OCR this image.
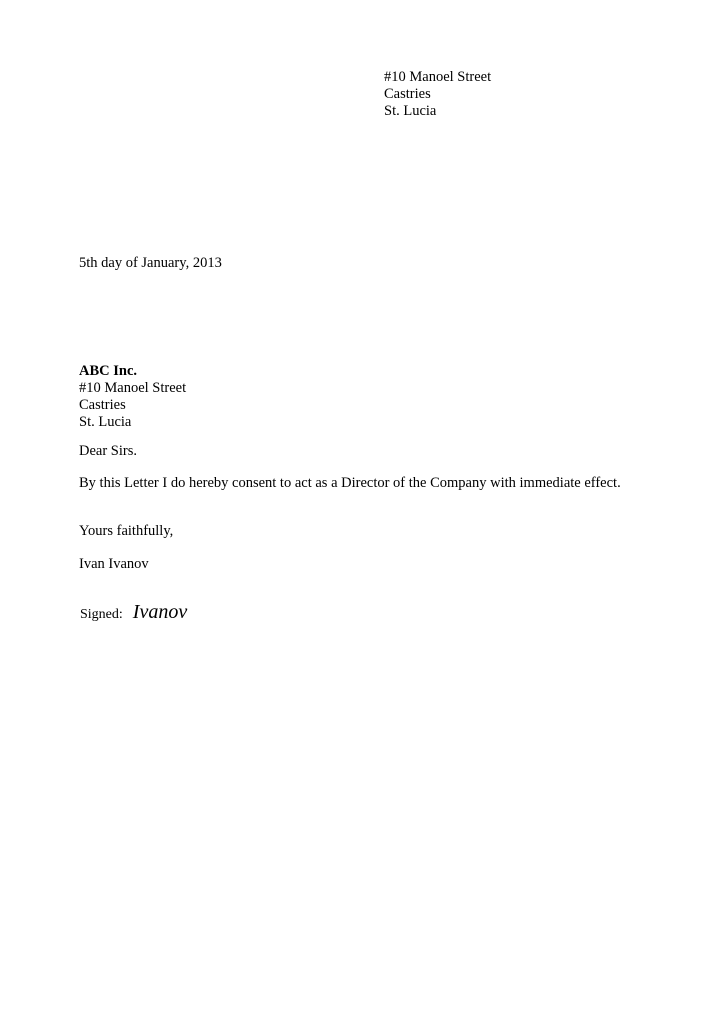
#10 Manoel Street
Castries
St. Lucia
5th day of January, 2013
ABC Inc.
#10 Manoel Street
Castries
St. Lucia
Dear Sirs.
By this Letter I do hereby consent to act as a Director of the Company with immediate effect.
Yours faithfully,
Ivan Ivanov
Signed: Ivanov
